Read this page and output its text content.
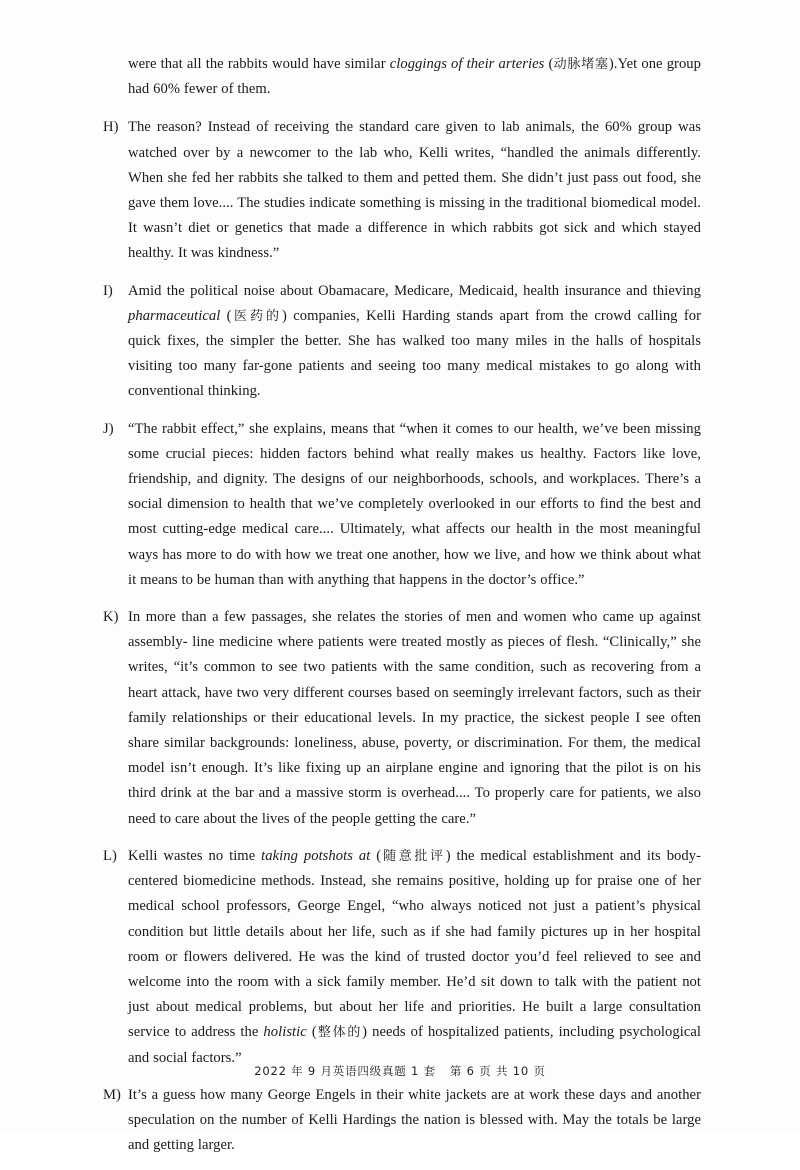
were that all the rabbits would have similar cloggings of their arteries (动脉堵塞).Yet one group had 60% fewer of them.
H) The reason? Instead of receiving the standard care given to lab animals, the 60% group was watched over by a newcomer to the lab who, Kelli writes, “handled the animals differently. When she fed her rabbits she talked to them and petted them. She didn’t just pass out food, she gave them love.... The studies indicate something is missing in the traditional biomedical model. It wasn’t diet or genetics that made a difference in which rabbits got sick and which stayed healthy. It was kindness.”
I)	Amid the political noise about Obamacare, Medicare, Medicaid, health insurance and thieving pharmaceutical (医药的) companies, Kelli Harding stands apart from the crowd calling for quick fixes, the simpler the better. She has walked too many miles in the halls of hospitals visiting too many far-gone patients and seeing too many medical mistakes to go along with conventional thinking.
J) “The rabbit effect,” she explains, means that “when it comes to our health, we’ve been missing some crucial pieces: hidden factors behind what really makes us healthy. Factors like love, friendship, and dignity. The designs of our neighborhoods, schools, and workplaces. There’s a social dimension to health that we’ve completely overlooked in our efforts to find the best and most cutting-edge medical care.... Ultimately, what affects our health in the most meaningful ways has more to do with how we treat one another, how we live, and how we think about what it means to be human than with anything that happens in the doctor’s office.”
K) In more than a few passages, she relates the stories of men and women who came up against assembly- line medicine where patients were treated mostly as pieces of flesh. “Clinically,” she writes, “it’s common to see two patients with the same condition, such as recovering from a heart attack, have two very different courses based on seemingly irrelevant factors, such as their family relationships or their educational levels. In my practice, the sickest people I see often share similar backgrounds: loneliness, abuse, poverty, or discrimination. For them, the medical model isn’t enough. It’s like fixing up an airplane engine and ignoring that the pilot is on his third drink at the bar and a massive storm is overhead.... To properly care for patients, we also need to care about the lives of the people getting the care.”
L) Kelli wastes no time taking potshots at (随意批评) the medical establishment and its body-centered biomedicine methods. Instead, she remains positive, holding up for praise one of her medical school professors, George Engel, “who always noticed not just a patient’s physical condition but little details about her life, such as if she had family pictures up in her hospital room or flowers delivered. He was the kind of trusted doctor you’d feel relieved to see and welcome into the room with a sick family member. He’d sit down to talk with the patient not just about medical problems, but about her life and priorities. He built a large consultation service to address the holistic (整体的) needs of hospitalized patients, including psychological and social factors.”
M) It’s a guess how many George Engels in their white jackets are at work these days and another speculation on the number of Kelli Hardings the nation is blessed with. May the totals be large and getting larger.
2022 年 9 月英语四级真题 1 套 第 6 页 共 10 页
